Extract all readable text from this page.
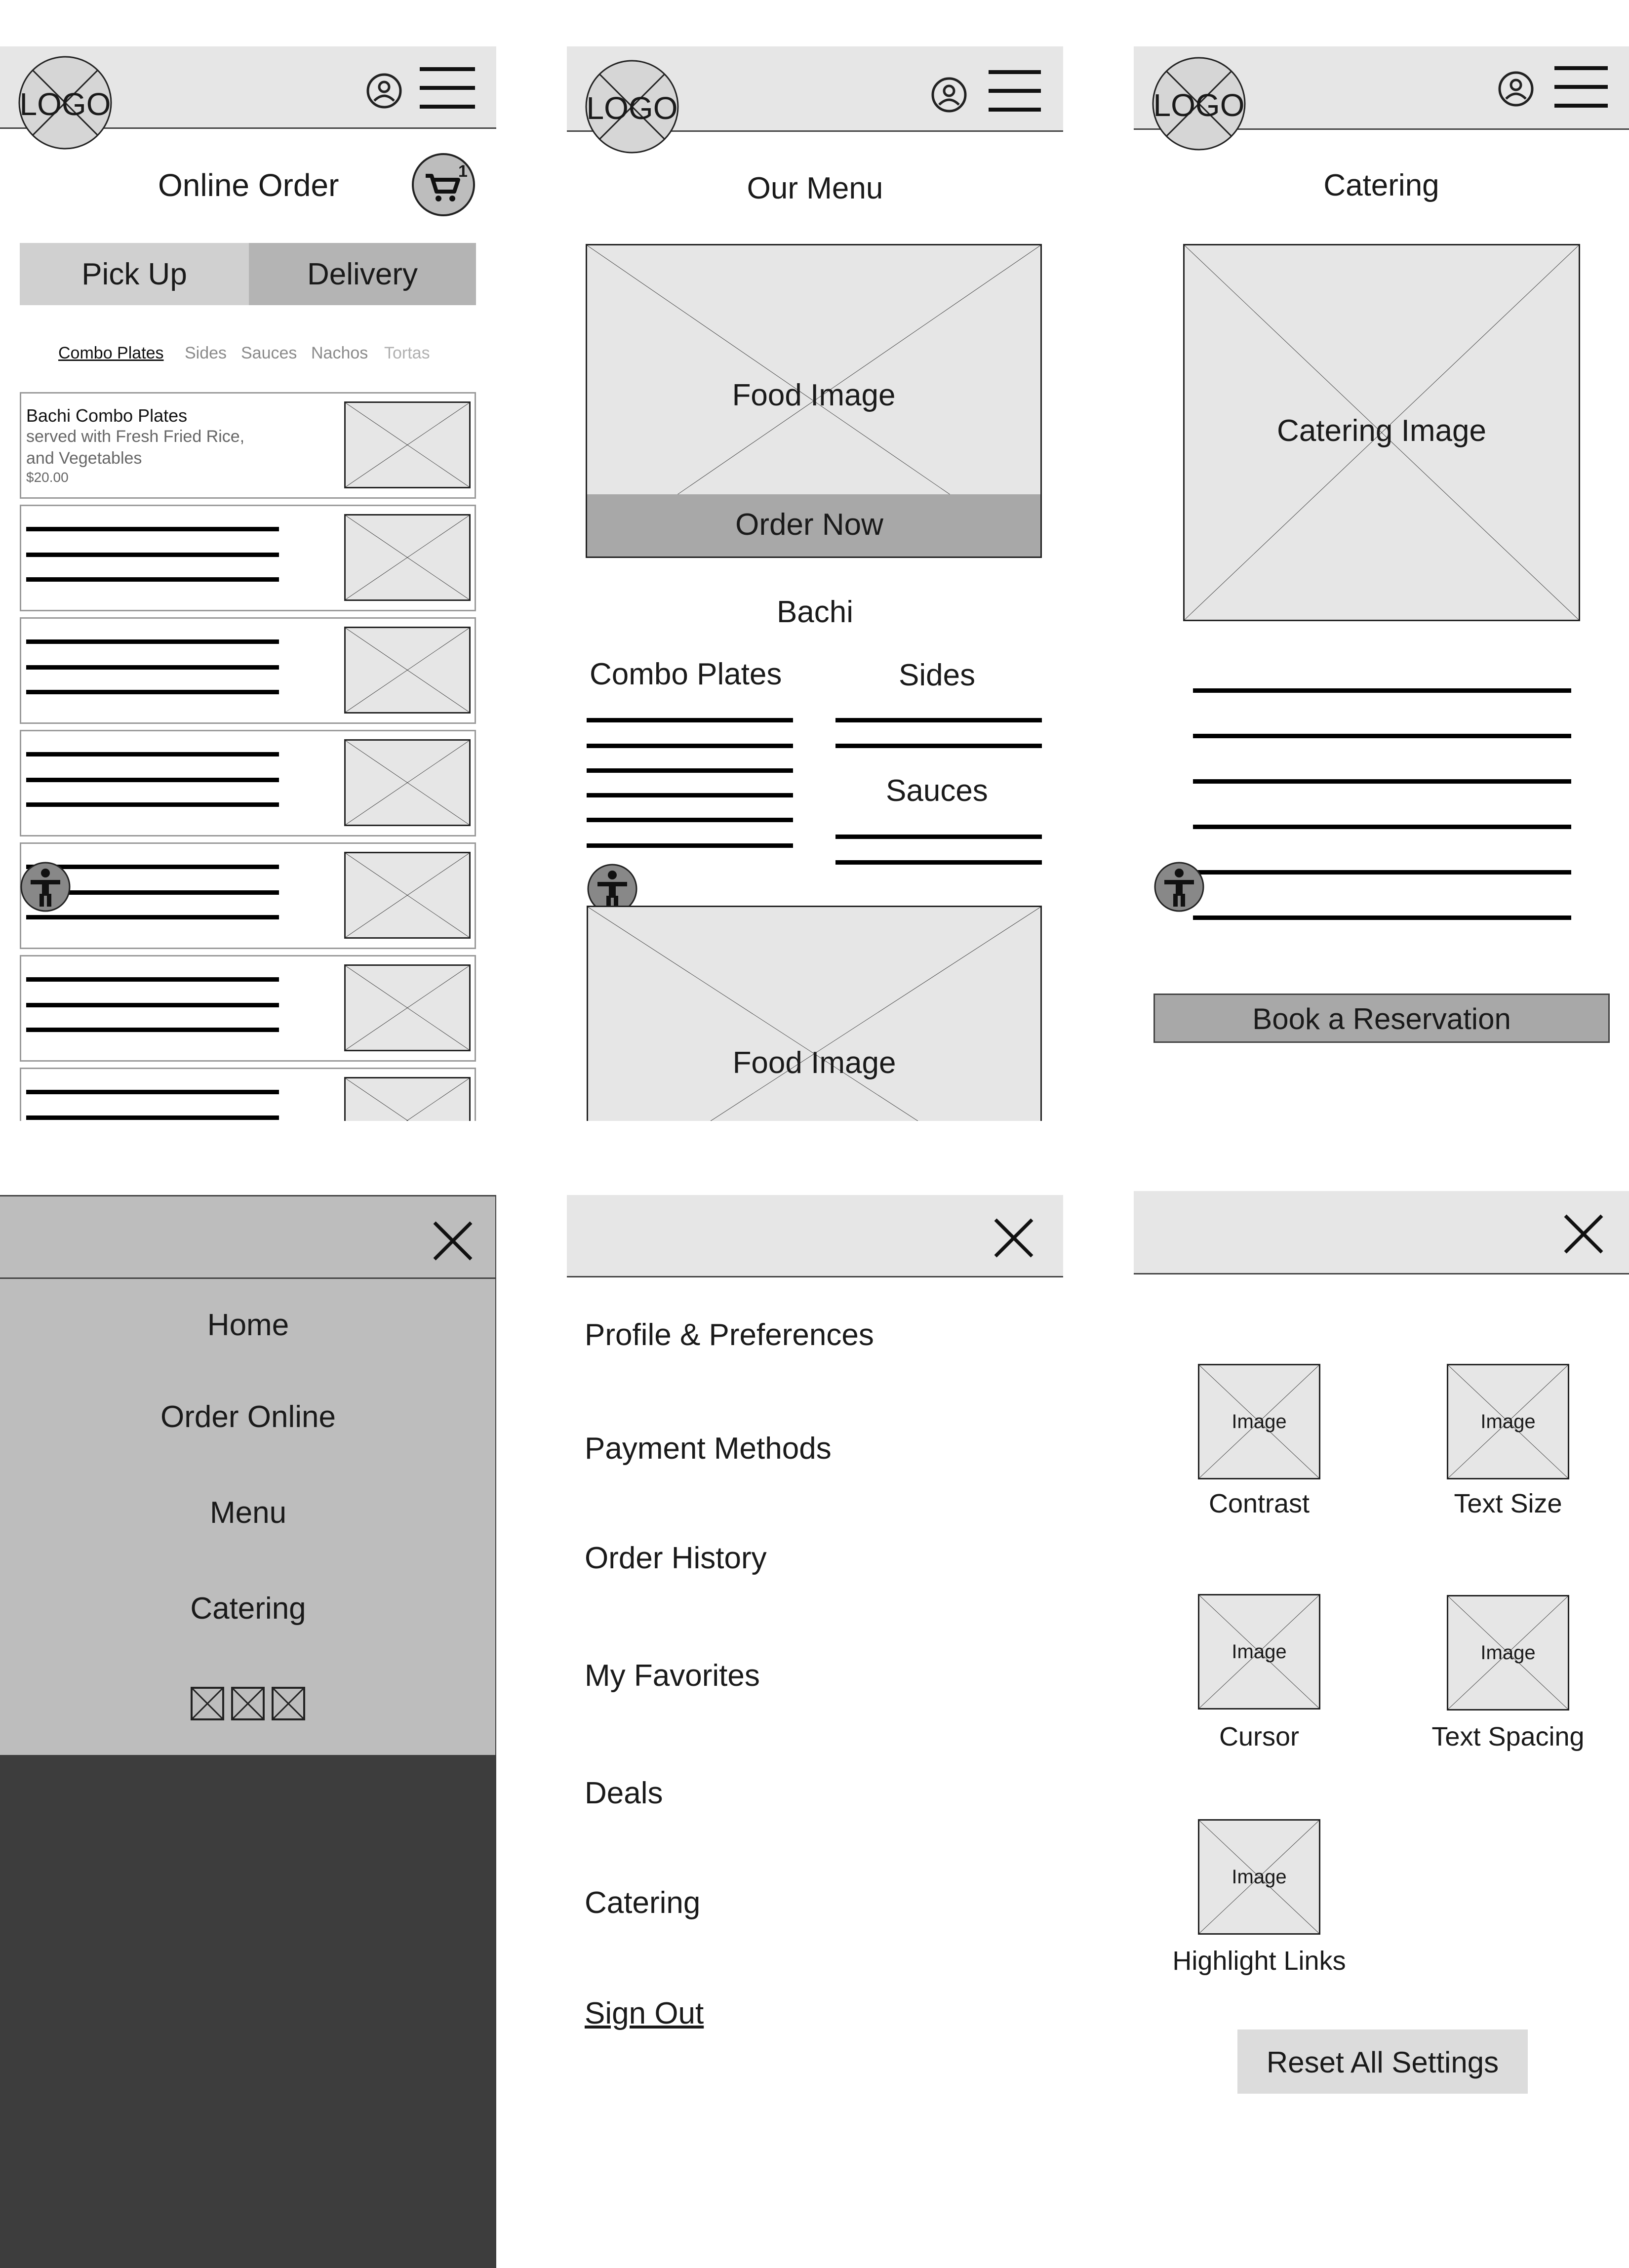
LOGO
Online Order	1
Pick Up	Delivery
Combo Plates Sides Sauces Nachos Tortas
Bachi Combo Plates
served with Fresh Fried Rice,
and Vegetables
$20.00
LOGO
Our Menu
Food Image
Order Now
Bachi
Combo Plates	Sides
Sauces
Food Image
LOGO
Catering
Catering Image
Book a Reservation
Home
Order Online
Menu
Catering
Profile & Preferences
Payment Methods
Order History
My Favorites
Deals
Catering
Sign Out
Image
Contrast
Image
Text Size
Image
Cursor
Image
Text Spacing
Image
Highlight Links
Reset All Settings
